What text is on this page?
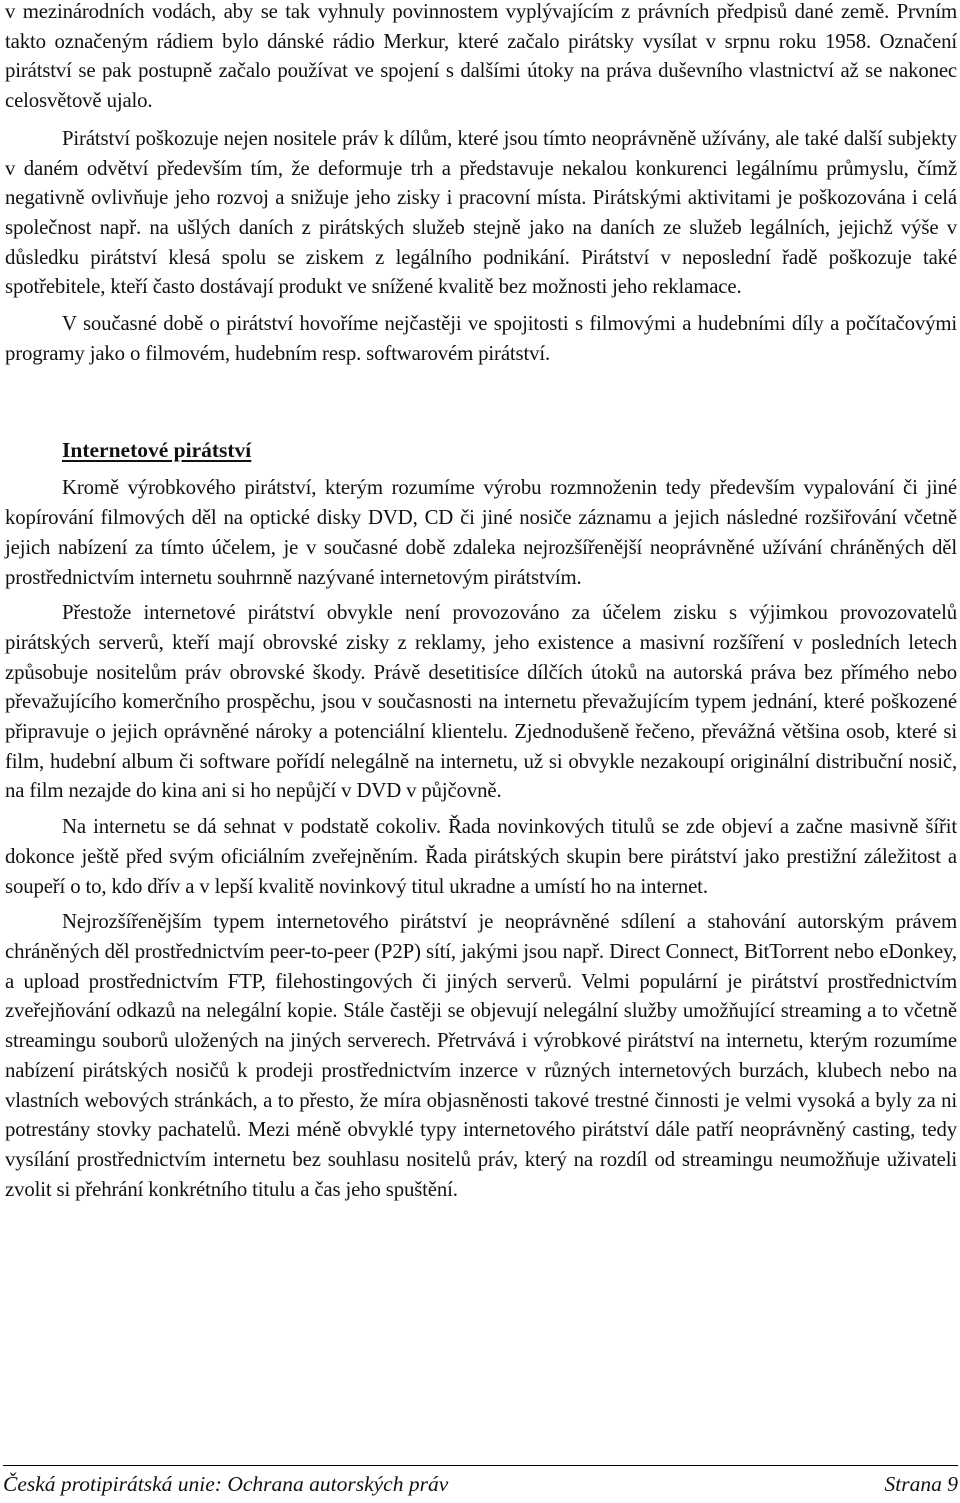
v mezinárodních vodách, aby se tak vyhnuly povinnostem vyplývajícím z právních předpisů dané země. Prvním takto označeným rádiem bylo dánské rádio Merkur, které začalo pirátsky vysílat v srpnu roku 1958. Označení pirátství se pak postupně začalo používat ve spojení s dalšími útoky na práva duševního vlastnictví až se nakonec celosvětově ujalo.

Pirátství poškozuje nejen nositele práv k dílům, které jsou tímto neoprávněně užívány, ale také další subjekty v daném odvětví především tím, že deformuje trh a představuje nekalou konkurenci legálnímu průmyslu, čímž negativně ovlivňuje jeho rozvoj a snižuje jeho zisky i pracovní místa. Pirátskými aktivitami je poškozována i celá společnost např. na ušlých daních z pirátských služeb stejně jako na daních ze služeb legálních, jejichž výše v důsledku pirátství klesá spolu se ziskem z legálního podnikání. Pirátství v neposlední řadě poškozuje také spotřebitele, kteří často dostávají produkt ve snížené kvalitě bez možnosti jeho reklamace.

V současné době o pirátství hovoříme nejčastěji ve spojitosti s filmovými a hudebními díly a počítačovými programy jako o filmovém, hudebním resp. softwarovém pirátství.

Internetové pirátství

Kromě výrobkového pirátství, kterým rozumíme výrobu rozmnoženin tedy především vypalování či jiné kopírování filmových děl na optické disky DVD, CD či jiné nosiče záznamu a jejich následné rozšiřování včetně jejich nabízení za tímto účelem, je v současné době zdaleka nejrozšířenější neoprávněné užívání chráněných děl prostřednictvím internetu souhrnně nazývané internetovým pirátstvím.

Přestože internetové pirátství obvykle není provozováno za účelem zisku s výjimkou provozovatelů pirátských serverů, kteří mají obrovské zisky z reklamy, jeho existence a masivní rozšíření v posledních letech způsobuje nositelům práv obrovské škody. Právě desetitisíce dílčích útoků na autorská práva bez přímého nebo převažujícího komerčního prospěchu, jsou v současnosti na internetu převažujícím typem jednání, které poškozené připravuje o jejich oprávněné nároky a potenciální klientelu. Zjednodušeně řečeno, převážná většina osob, které si film, hudební album či software pořídí nelegálně na internetu, už si obvykle nezakoupí originální distribuční nosič, na film nezajde do kina ani si ho nepůjčí v DVD v půjčovně.

Na internetu se dá sehnat v podstatě cokoliv. Řada novinkových titulů se zde objeví a začne masivně šířit dokonce ještě před svým oficiálním zveřejněním. Řada pirátských skupin bere pirátství jako prestižní záležitost a soupeří o to, kdo dřív a v lepší kvalitě novinkový titul ukradne a umístí ho na internet.

Nejrozšířenějším typem internetového pirátství je neoprávněné sdílení a stahování autorským právem chráněných děl prostřednictvím peer-to-peer (P2P) sítí, jakými jsou např. Direct Connect, BitTorrent nebo eDonkey, a upload prostřednictvím FTP, filehostingových či jiných serverů. Velmi populární je pirátství prostřednictvím zveřejňování odkazů na nelegální kopie. Stále častěji se objevují nelegální služby umožňující streaming a to včetně streamingu souborů uložených na jiných serverech. Přetrvává i výrobkové pirátství na internetu, kterým rozumíme nabízení pirátských nosičů k prodeji prostřednictvím inzerce v různých internetových burzách, klubech nebo na vlastních webových stránkách, a to přesto, že míra objasněnosti takové trestné činnosti je velmi vysoká a byly za ni potrestány stovky pachatelů. Mezi méně obvyklé typy internetového pirátství dále patří neoprávněný casting, tedy vysílání prostřednictvím internetu bez souhlasu nositelů práv, který na rozdíl od streamingu neumožňuje uživateli zvolit si přehrání konkrétního titulu a čas jeho spuštění.

Česká protipirátská unie: Ochrana autorských práv	Strana 9
